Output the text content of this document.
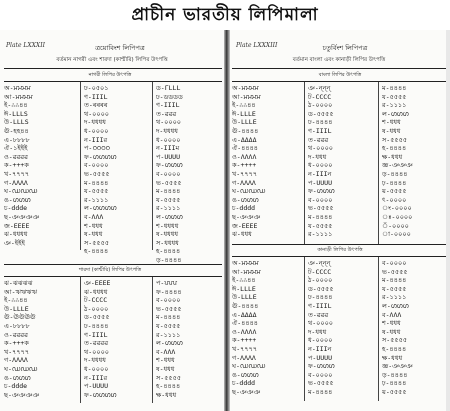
প্রাচীন ভারতীয় লিপিমালা
Plate LXXXII	ত্রয়োবিংশ লিপিপত্র
বর্তমান নাগরী এবং শারদা (কাশ্মীরি) লিপির উৎপত্তি
নাগরী লিপির উৎপত্তি
অ-ਮਮਮਮ
আ-ਮਮਮਮ
ই-∴∴৪৪
ঈ-LLLS
উ-LLLS
ঊ-হহ৪৪
এ-৮৮৮৮
ঐ-১ইইই
ও-ৱৱৱৱ
ক-+++ক
খ-৭৭৭৭
গ-ΛΛΛΛ
ঘ-ഡഡഡ
ঙ-ഗഗഗ
চ-ddde
ছ-ঞঞঞঞ
জ-EEEE
ঝ-ধধধধ
ঞ-ইইই
ঢ-০৫০১
ণ-IIIL
ত-ৰৰৰৰ
থ-০০০০
দ-ধধধধ
ধ-০০০০
ন-IIIর
প-ഠഠഠഠ
ফ-ഗഗഗഗ
ব-০০০০
ভ-৫৫৫৫
ম-৪৪৪৪
য-৫৫৫৫
র-১১১১
ল-ഗഗഗഗ
ব-ΛΛΛ
শ-ধধধ
ষ-ধধধ
স-৫৫৫৫
হ-৪৪৪৪
ড-ΓLLL
ঢ-ডডডড
ণ-IIIL
ত-ৱৱৱ
থ-০০০০
দ-ধধধধ
ধ-০০০০
ন-IIIম
প-UUUU
ফ-ഗഗഗ
ব-০০০০
ভ-৫৫৫৫
ম-৪৪৪৪
য-৫৫৫৫
র-১১১১
ল-ഗഗഗ
শ-ধধধধ
ষ-ধধধধ
স-ধধধধ
হ-৪৪৪৪
ড়-৪৪৪৪
শারদা (কাশ্মীরি) লিপির উৎপত্তি
ঝ-ঝঝঝঝ
আ-ঋঋঋঋ
ই-∴∴৪৪
উ-LLLE
ঊ-ঊঊঊঊ
এ-৮৮৮৮
ও-ৱৱৱৱ
ক-+++ক
খ-৭৭৭৭
গ-ΛΛΛΛ
ঘ-ഡഡഡ
ঙ-ഗഗഗ
চ-ddde
ছ-ঞঞঞঞ
ঞ-EEEE
ঝ-ধধধধ
ট-CCCC
ঠ-০০০০
ড-৫৫৫৫
ঢ-৪৪৪৪
ণ-IIIL
ত-ৱৱৱৱ
থ-০০০০
দ-ধধধধ
ধ-০০০০
ন-IIIর
প-UUUU
ফ-ഗഗഗഗ
প-ਪਪਪ
ফ-৪৪৪৪
ব-০০০০
ভ-৫৫৫৫
ম-৪৪৪৪
য-৫৫৫৫
র-১১১১
ল-ഗഗഗ
ব-ΛΛΛ
শ-ধধধ
ষ-ধধধ
স-৫৫৫৫
হ-৪৪৪৪
ক্ষ-ধধধ
Plate LXXXIII	চতুর্বিংশ লিপিপত্র
বর্তমান বাংলা এবং কানাড়ী লিপির উৎপত্তি
বাংলা লিপির উৎপত্তি
অ-ਮਮਮਮ
আ-ਮਮਮਮ
ই-∴∴৪৪
ঈ-LLLE
উ-LLLE
ঊ-৪৪৪৪
এ-ΔΔΔΔ
ঐ-৪৪৪৪
ও-ΛΛΛΛ
ক-++++
খ-৭৭৭৭
গ-ΛΛΛΛ
ঘ-ഡഡഡ
ঙ-ഗഗഗ
চ-dddd
ছ-ঞঞঞ
জ-EEEE
ঝ-ধধধ
ঞ-ন্ন্ন্
ট-CCCC
ঠ-০০০০
ড-৫৫৫৫
ঢ-৪৪৪৪
ণ-IIIL
ত-ৱৱৱ
থ-০০০০
দ-ধধধ
ধ-০০০০
ন-IIIন
প-UUUU
ফ-ഗഗഗ
ব-০০০০
ভ-৫৫৫৫
ম-৪৪৪৪
য-৫৫৫৫
র-১১১১
ম-৪৪৪৪
য-৫৫৫৫
র-১১১১
ল-ഗഗഗ
শ-ধধধ
ষ-ধধধ
স-৫৫৫৫
হ-৪৪৪৪
ক্ষ-ধধধ
জ্ঞ-ঞঞঞ
ড়-৪৪৪৪
ঢ়-৪৪৪৪
য়-৫৫৫৫
ৎ-০০০০
ং-০০০০
ঃ-০০০০
ঁ-০০০০
া-০০০০
কানাড়ী লিপির উৎপত্তি
অ-ਮਮਮਮ
আ-ਮਮਮਮ
ই-∴∴৪৪
ঈ-LLLE
উ-LLLE
ঊ-৪৪৪৪
এ-ΔΔΔΔ
ঐ-৪৪৪৪
ও-ΛΛΛΛ
ক-++++
খ-৭৭৭৭
গ-ΛΛΛΛ
ঘ-ഡഡഡ
ঙ-ഗഗഗ
চ-dddd
ছ-ঞঞঞ
ঞ-ন্ন্ন্
ট-CCCC
ঠ-০০০০
ড-৫৫৫৫
ঢ-৪৪৪৪
ণ-IIIL
ত-ৱৱৱ
থ-০০০০
দ-ধধধ
ধ-০০০০
ন-IIIন
প-UUUU
ফ-ഗഗഗ
ব-০০০০
ভ-৫৫৫৫
ম-৪৪৪৪
ব-০০০০
ভ-৫৫৫৫
ম-৪৪৪৪
য-৫৫৫৫
র-১১১১
ল-ഗഗഗ
ব-ΛΛΛ
শ-ধধধ
ষ-ধধধ
স-৫৫৫৫
হ-৪৪৪৪
ক্ষ-ধধধ
জ্ঞ-ঞঞঞ
ড়-৪৪৪৪
ঢ়-৪৪৪৪
য়-৫৫৫৫
